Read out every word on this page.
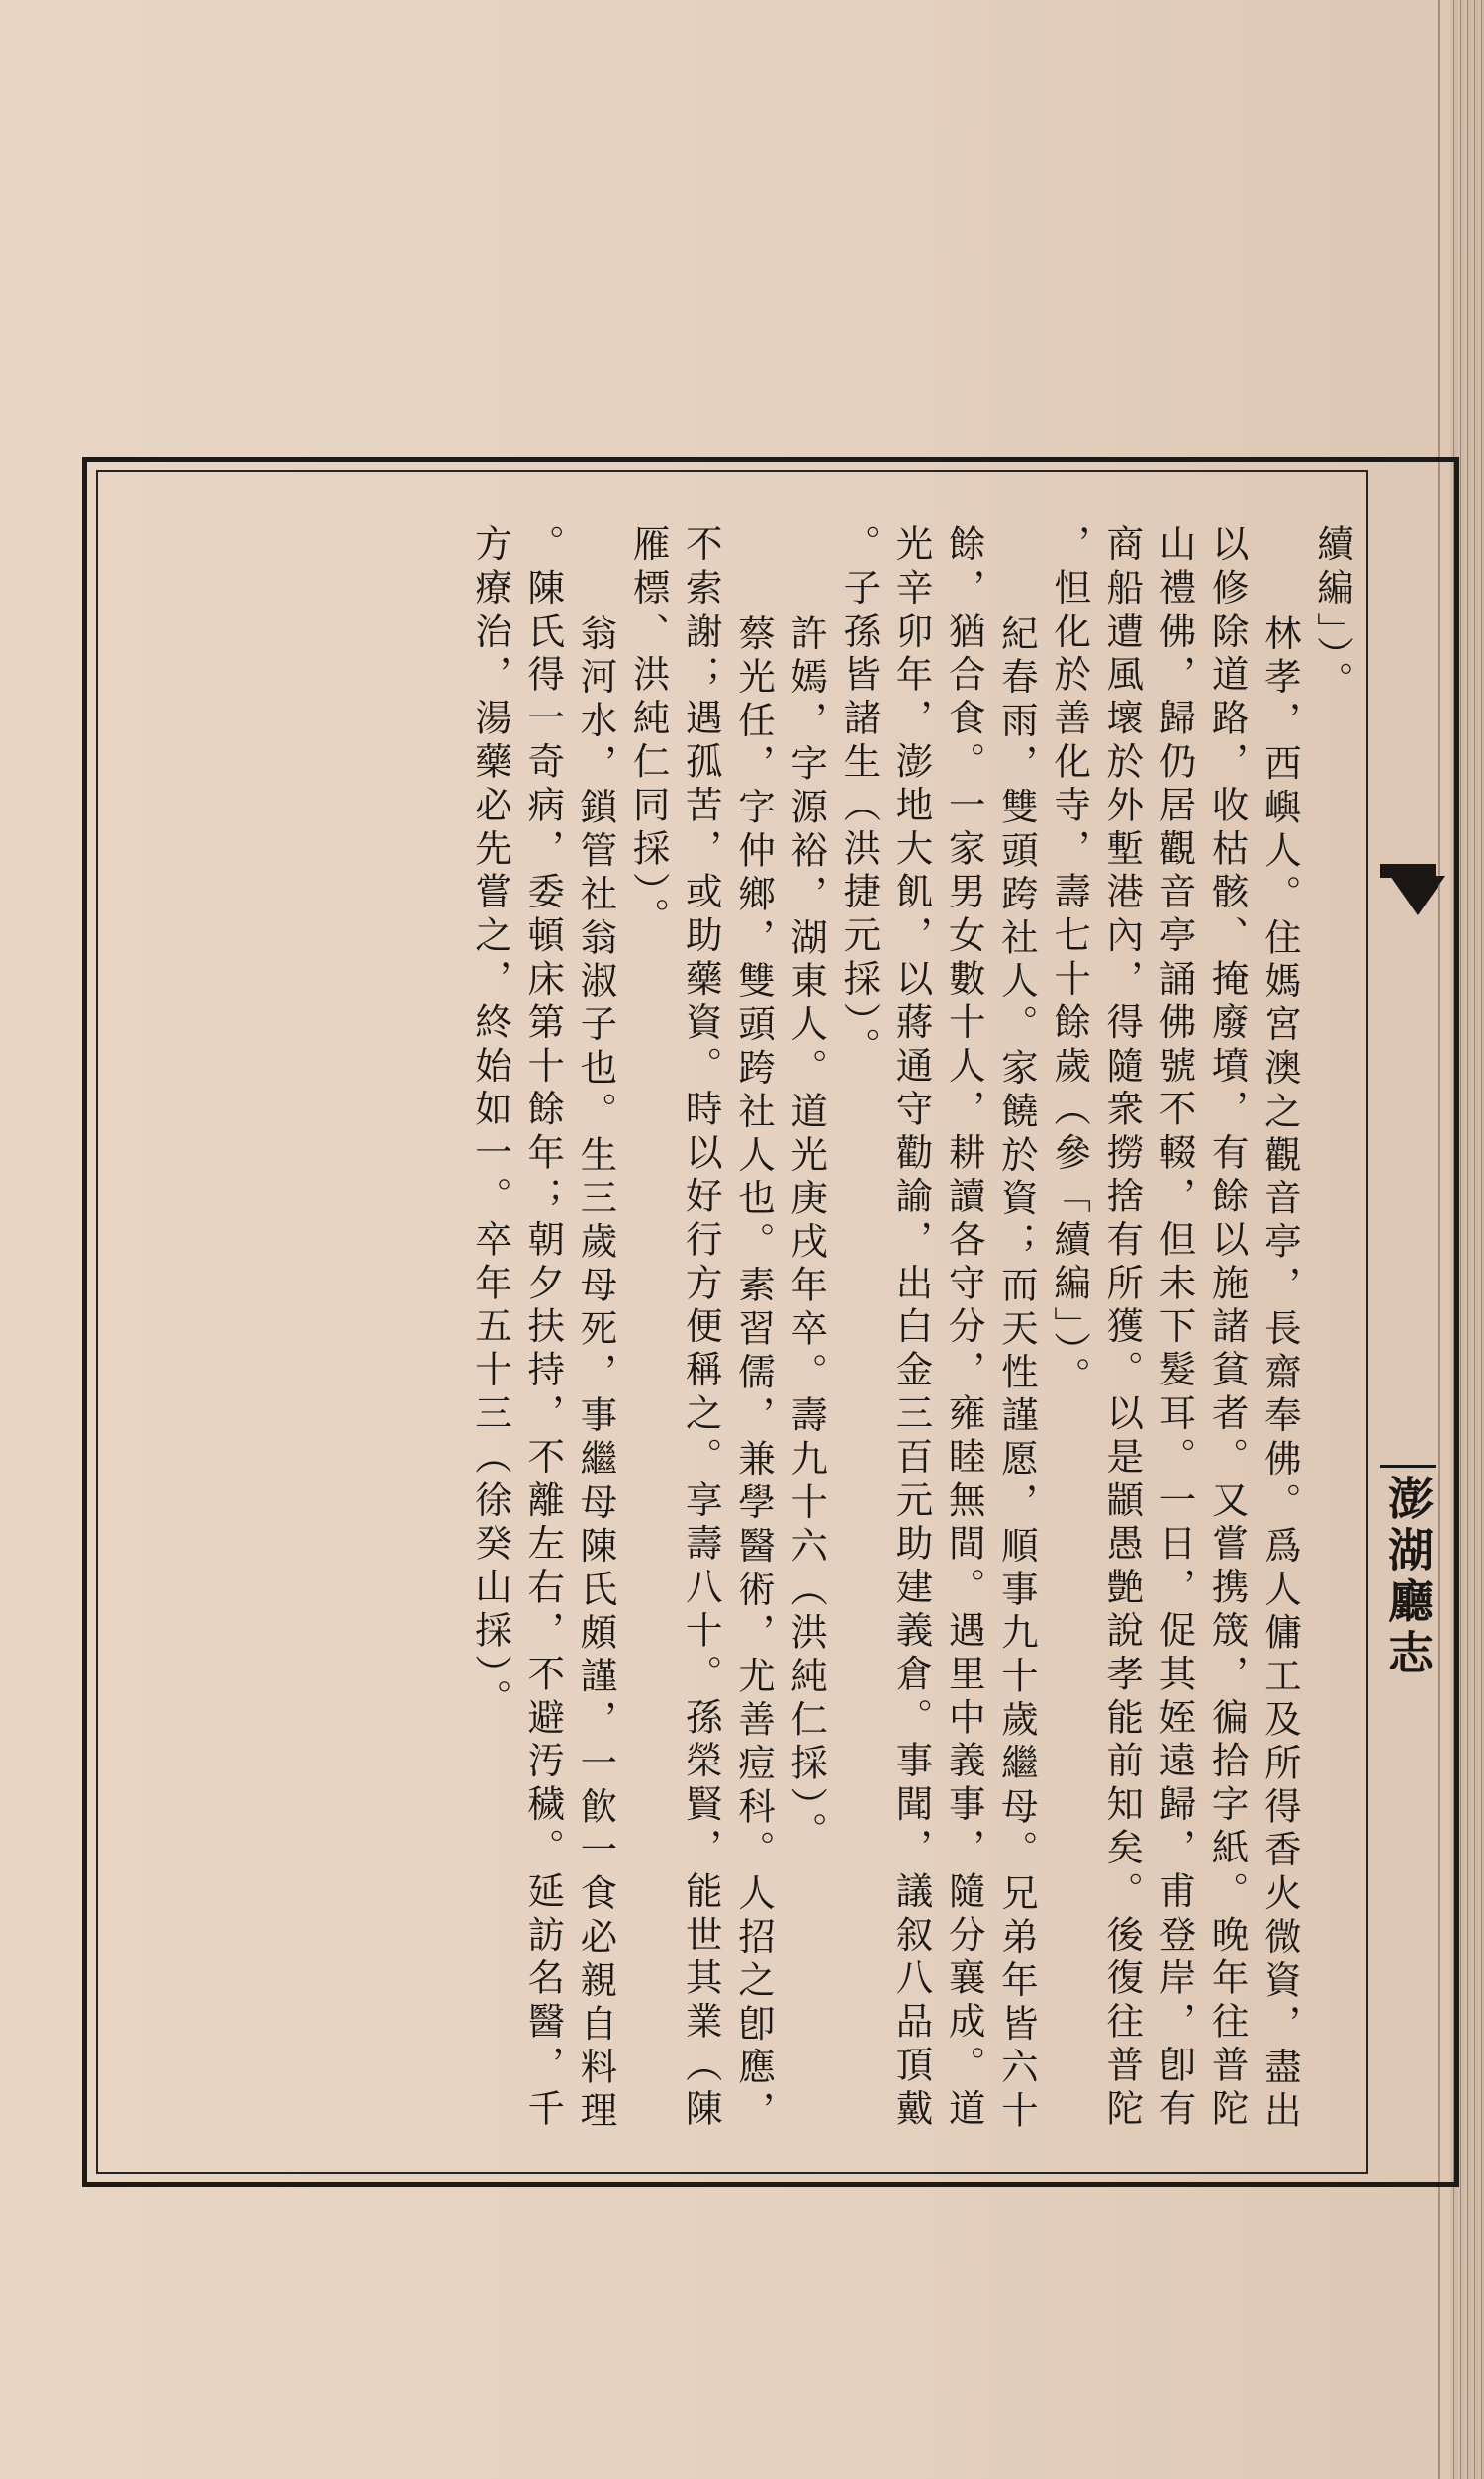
澎湖廳志
續編」）。
林孝，西嶼人。住媽宮澳之觀音亭，長齋奉佛。爲人傭工及所得香火微資，盡出
以修除道路，收枯骸、掩廢墳，有餘以施諸貧者。又嘗携筬，徧拾字紙。晚年往普陀
山禮佛，歸仍居觀音亭誦佛號不輟，但未下髮耳。一日，促其姪遠歸，甫登岸，卽有
商船遭風壞於外塹港內，得隨衆撈捨有所獲。以是顓愚艶說孝能前知矣。後復往普陀
，怛化於善化寺，壽七十餘歲（參「續編」）。
紀春雨，雙頭跨社人。家饒於資；而天性謹愿，順事九十歲繼母。兄弟年皆六十
餘，猶合食。一家男女數十人，耕讀各守分，雍睦無間。遇里中義事，隨分襄成。道
光辛卯年，澎地大飢，以蔣通守勸諭，出白金三百元助建義倉。事聞，議叙八品頂戴
。子孫皆諸生（洪捷元採）。
許嫣，字源裕，湖東人。道光庚戌年卒。壽九十六（洪純仁採）。
蔡光任，字仲鄉，雙頭跨社人也。素習儒，兼學醫術，尤善痘科。人招之卽應，
不索謝；遇孤苦，或助藥資。時以好行方便稱之。享壽八十。孫榮賢，能世其業（陳
雁標、洪純仁同採）。
翁河水，鎖管社翁淑子也。生三歲母死，事繼母陳氏頗謹，一飮一食必親自料理
。陳氏得一奇病，委頓床第十餘年；朝夕扶持，不離左右，不避汚穢。延訪名醫，千
方療治，湯藥必先嘗之，終始如一。卒年五十三（徐癸山採）。
